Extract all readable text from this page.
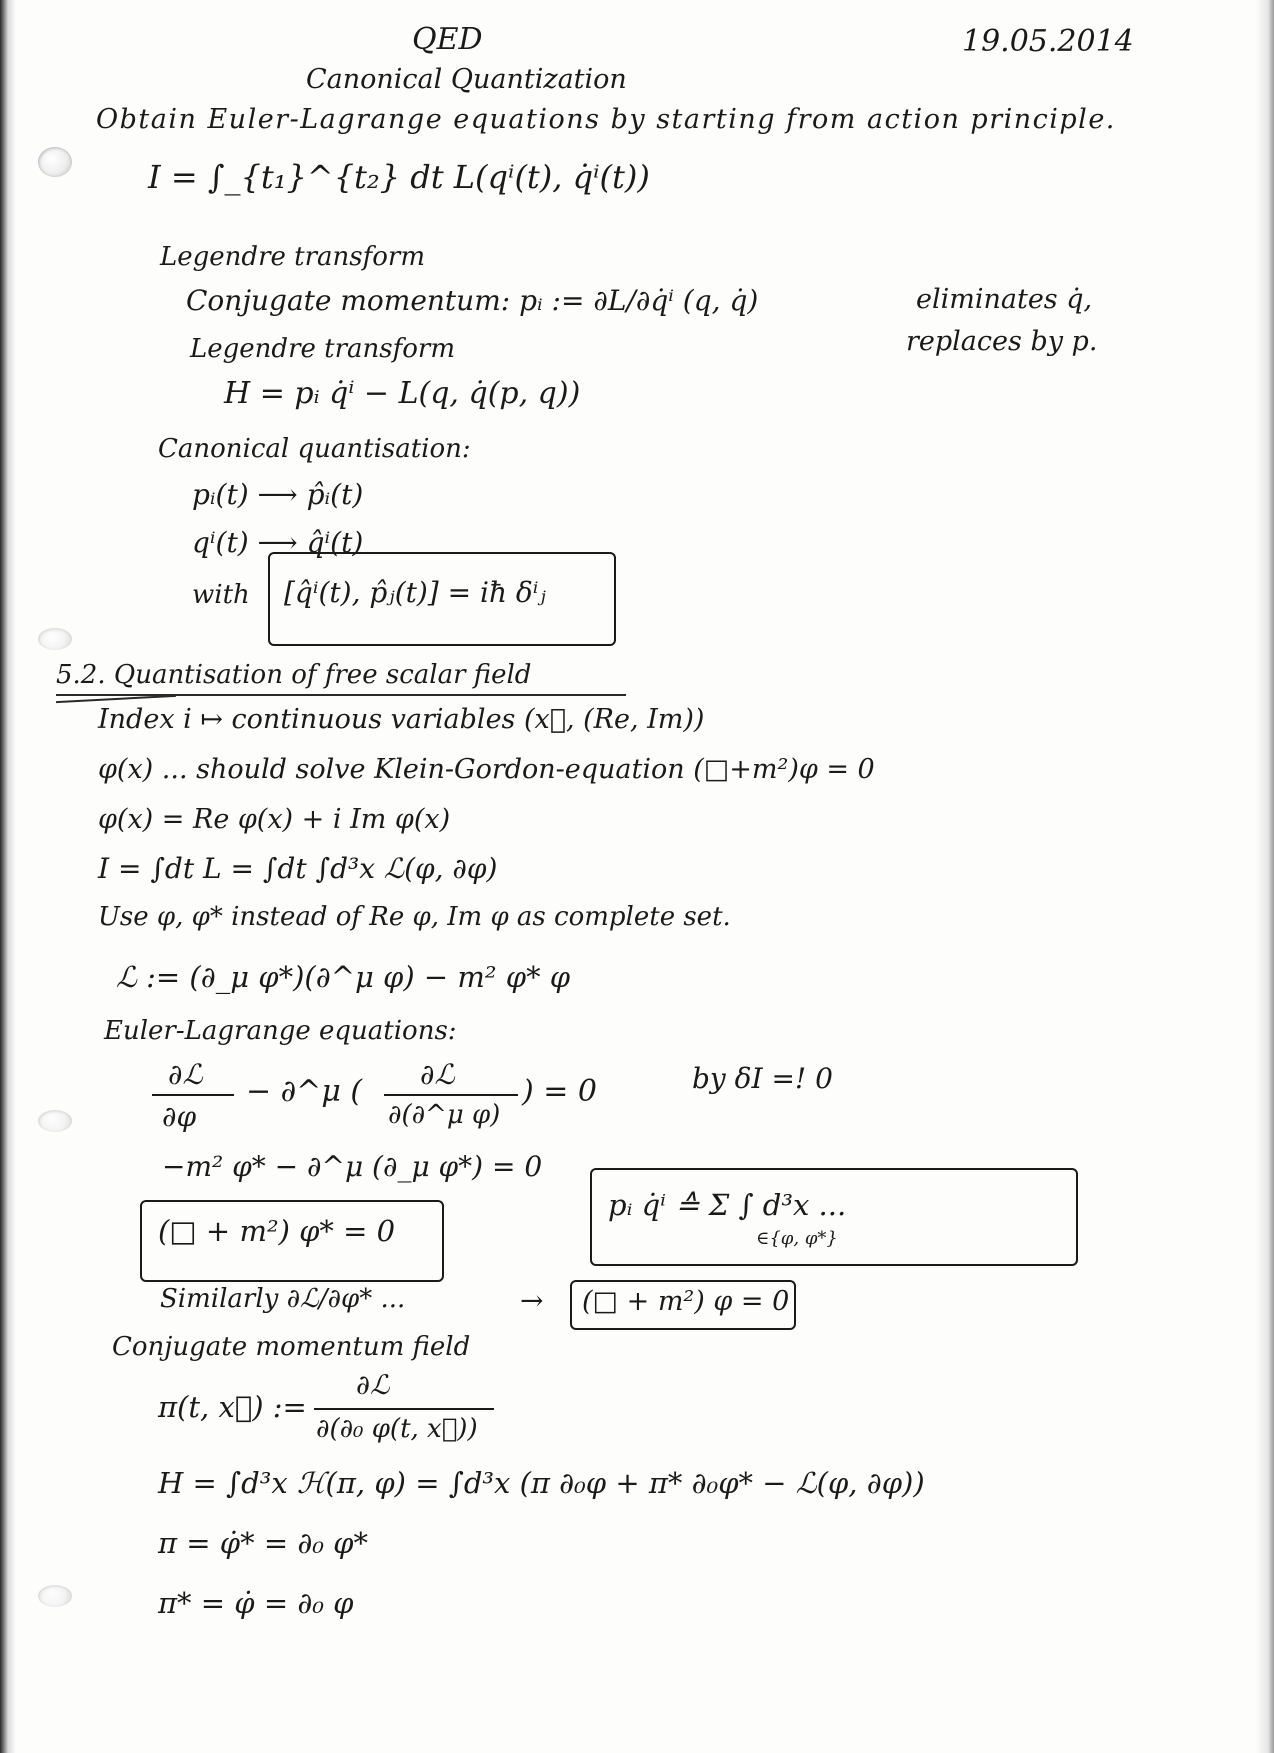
QED	19.05.2014
Canonical Quantization
Obtain Euler-Lagrange equations by starting from action principle.
I = ∫_{t₁}^{t₂} dt L(qⁱ(t), q̇ⁱ(t))
Legendre transform
Conjugate momentum: pᵢ := ∂L/∂q̇ⁱ (q, q̇)	eliminates q̇,
replaces by p.
Legendre transform
H = pᵢ q̇ⁱ − L(q, q̇(p, q))
Canonical quantisation:
pᵢ(t) ⟶ p̂ᵢ(t)
qⁱ(t) ⟶ q̂ⁱ(t)
with [q̂ⁱ(t), p̂ⱼ(t)] = iħ δⁱⱼ
5.2. Quantisation of free scalar field
Index i ↦ continuous variables (x⃗, (Re, Im))
φ(x) ... should solve Klein-Gordon-equation (□+m²)φ = 0
φ(x) = Re φ(x) + i Im φ(x)
I = ∫dt L = ∫dt ∫d³x ℒ(φ, ∂φ)
Use φ, φ* instead of Re φ, Im φ as complete set.
ℒ := (∂_μ φ*)(∂^μ φ) − m² φ* φ
Euler-Lagrange equations:
∂ℒ
∂φ
− ∂^μ ( ∂ℒ
∂(∂^μ φ)
) = 0	by δI =! 0
−m² φ* − ∂^μ (∂_μ φ*) = 0
(□ + m²) φ* = 0
pᵢ q̇ⁱ ≙ Σ ∫ d³x ...
∈{φ, φ*}
Similarly ∂ℒ/∂φ* ...	→ (□ + m²) φ = 0
Conjugate momentum field
π(t, x⃗) :=
∂ℒ
∂(∂₀ φ(t, x⃗))
H = ∫d³x ℋ(π, φ) = ∫d³x (π ∂₀φ + π* ∂₀φ* − ℒ(φ, ∂φ))
π = φ̇* = ∂₀ φ*
π* = φ̇ = ∂₀ φ
